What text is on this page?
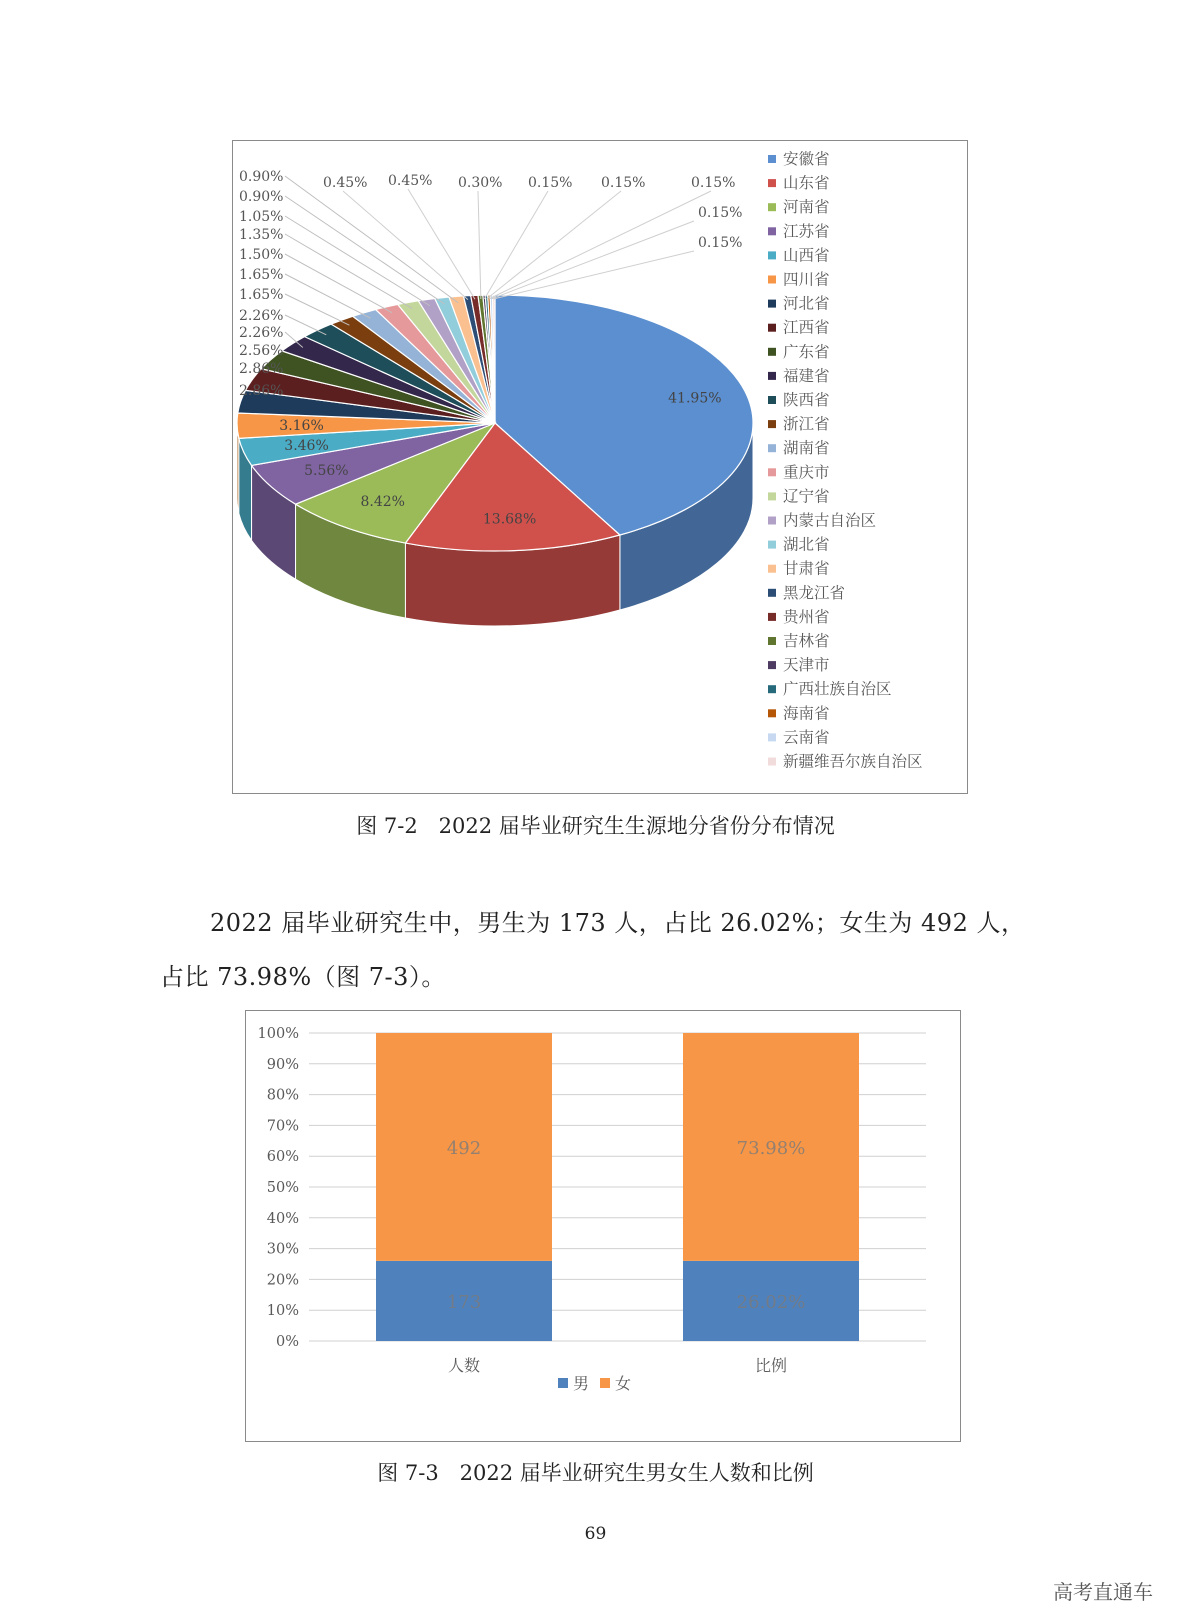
41.95%
13.68%
8.42%
5.56%
3.46%
3.16%
2.86%
2.86%
2.56%
2.26%
2.26%
1.65%
1.65%
1.50%
1.35%
1.05%
0.90%
0.90%	0.45% 0.45% 0.30% 0.15% 0.15%	0.15%
0.15%
0.15%
安徽省
山东省
河南省
江苏省
山西省
四川省
河北省
江西省
广东省
福建省
陕西省
浙江省
湖南省
重庆市
辽宁省
内蒙古自治区
湖北省
甘肃省
黑龙江省
贵州省
吉林省
天津市
广西壮族自治区
海南省
云南省
新疆维吾尔族自治区
图 7-2　2022 届毕业研究生生源地分省份分布情况
2022 届毕业研究生中，男生为 173 人，占比 26.02%；女生为 492 人，
占比 73.98%（图 7-3）。
0%
10%
20%
30%
40%
50%
60%
70%
80%
90%
100%
173
492
人数
26.02%
73.98%
比例
男 女
图 7-3　2022 届毕业研究生男女生人数和比例
69
高考直通车
